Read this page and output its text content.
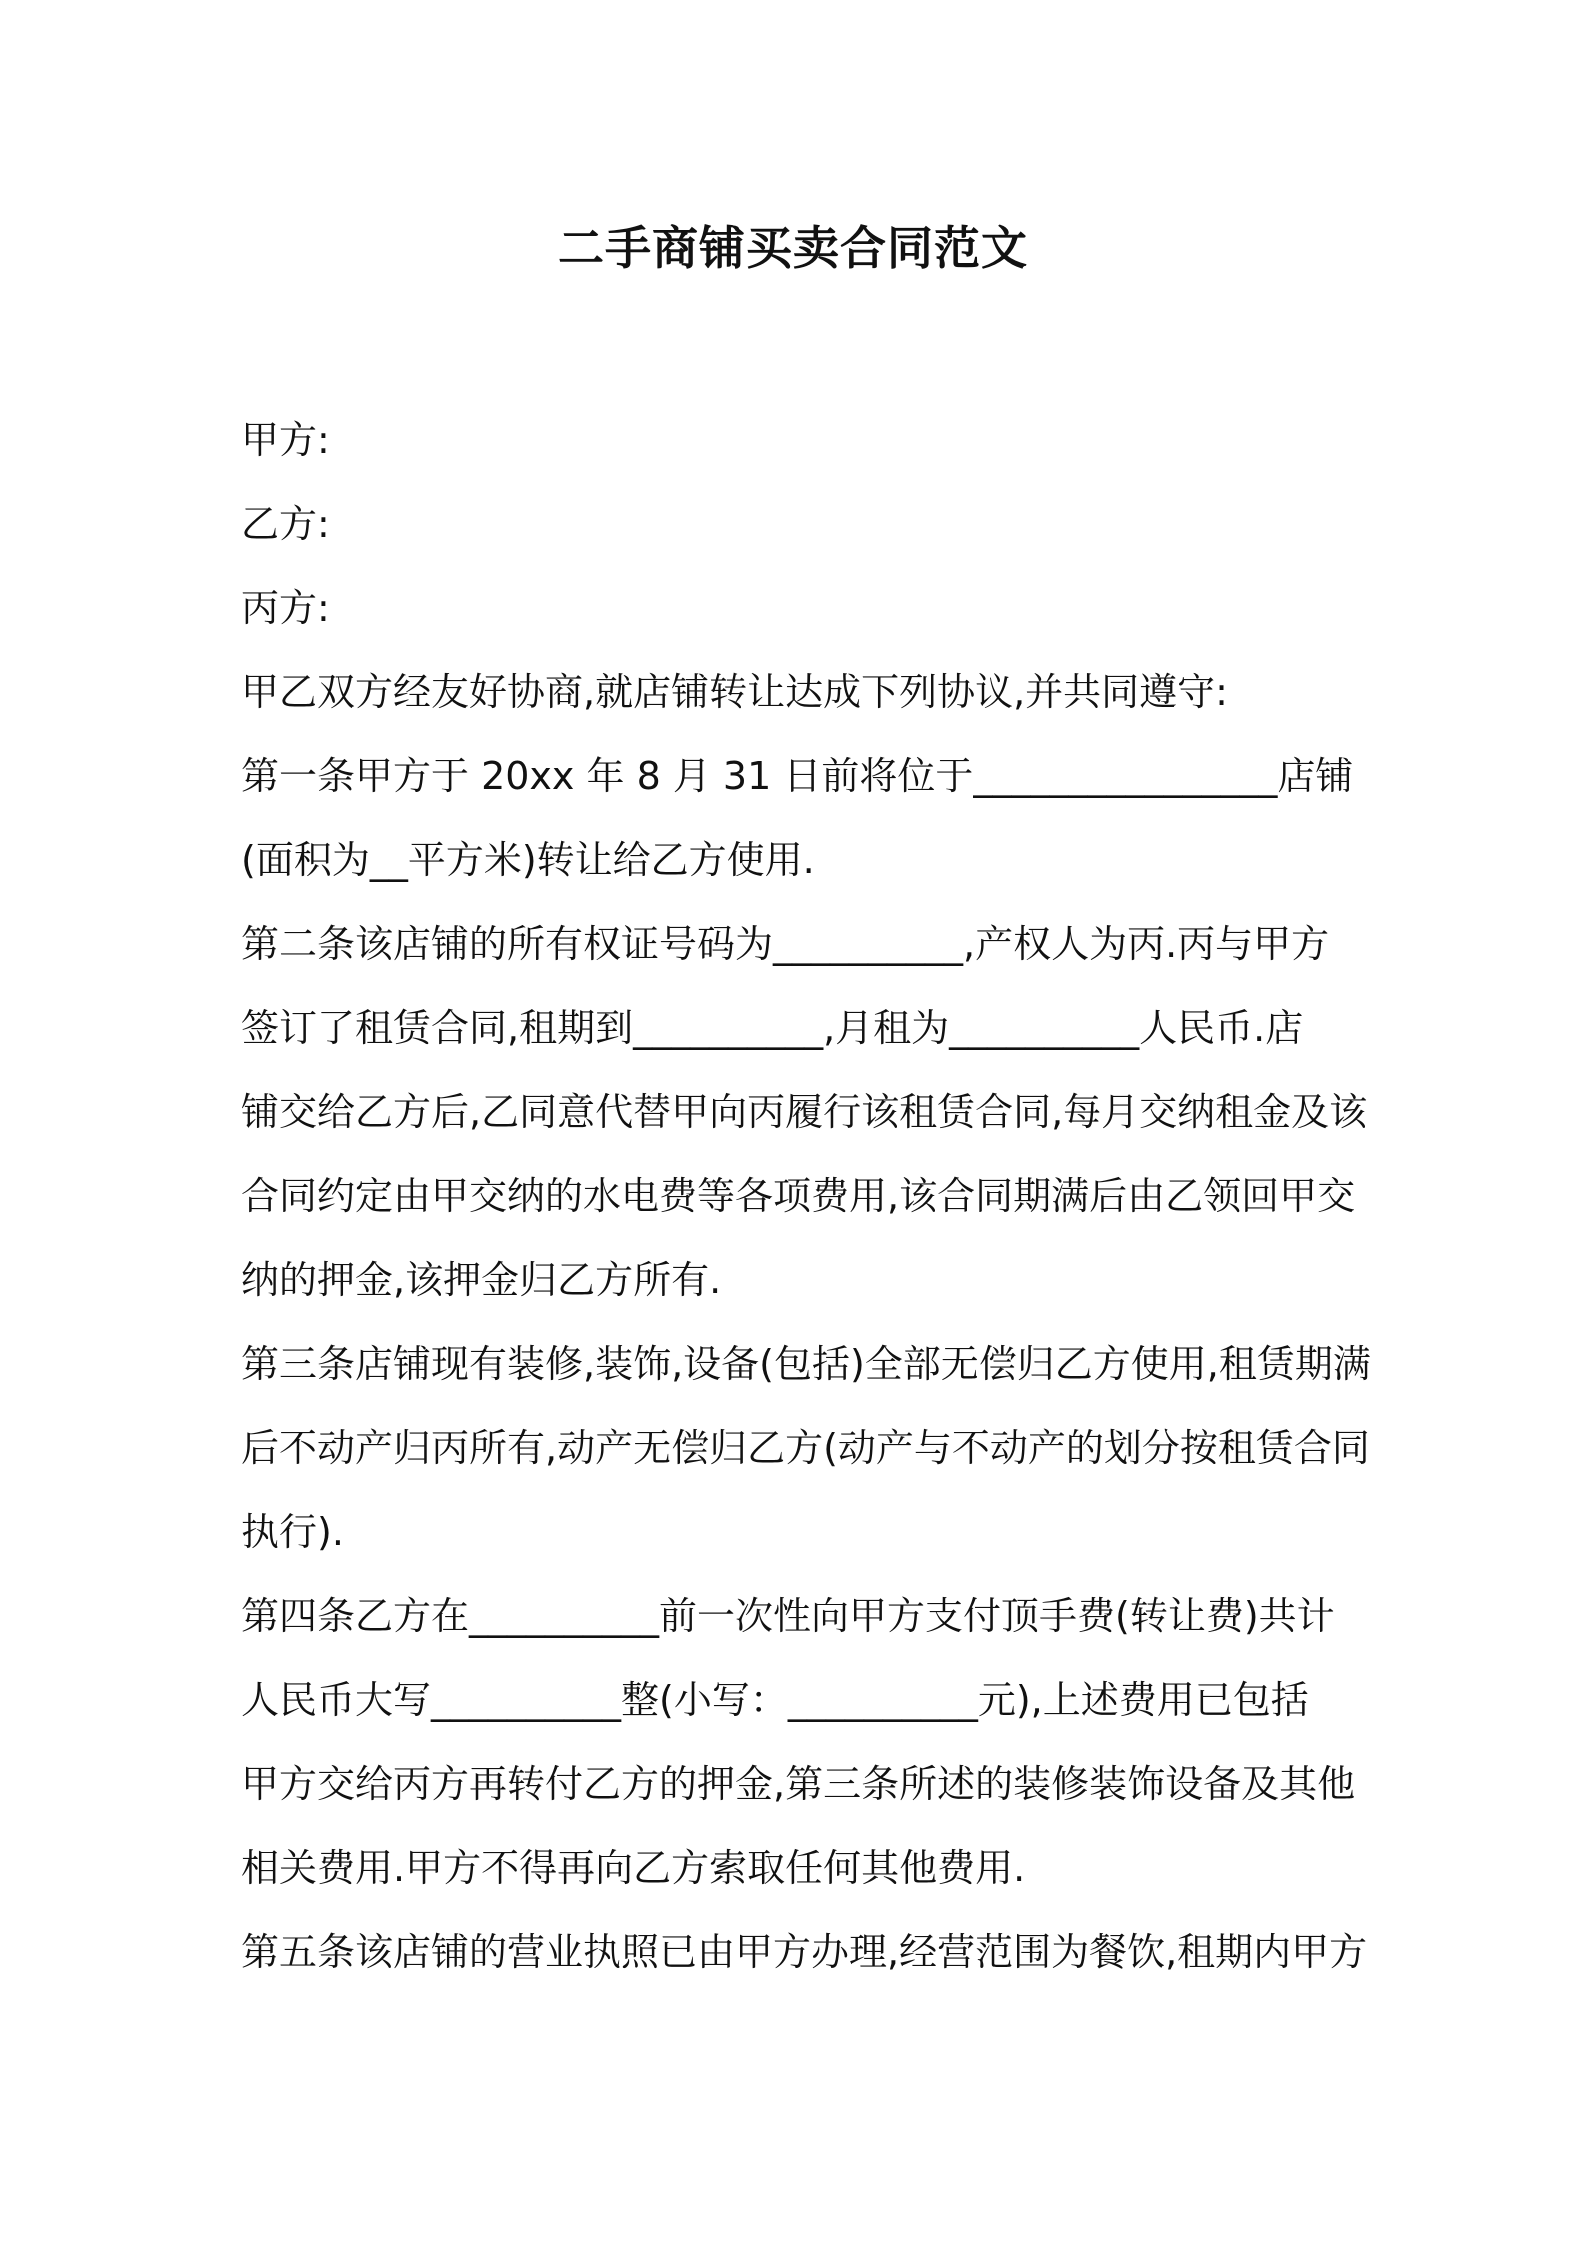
二手商铺买卖合同范文
甲方:
乙方:
丙方:
甲乙双方经友好协商,就店铺转让达成下列协议,并共同遵守:
第一条甲方于 20xx 年 8 月 31 日前将位于________________店铺
(面积为__平方米)转让给乙方使用.
第二条该店铺的所有权证号码为__________,产权人为丙.丙与甲方
签订了租赁合同,租期到__________,月租为__________人民币.店
铺交给乙方后,乙同意代替甲向丙履行该租赁合同,每月交纳租金及该
合同约定由甲交纳的水电费等各项费用,该合同期满后由乙领回甲交
纳的押金,该押金归乙方所有.
第三条店铺现有装修,装饰,设备(包括)全部无偿归乙方使用,租赁期满
后不动产归丙所有,动产无偿归乙方(动产与不动产的划分按租赁合同
执行).
第四条乙方在__________前一次性向甲方支付顶手费(转让费)共计
人民币大写__________整(小写：__________元),上述费用已包括
甲方交给丙方再转付乙方的押金,第三条所述的装修装饰设备及其他
相关费用.甲方不得再向乙方索取任何其他费用.
第五条该店铺的营业执照已由甲方办理,经营范围为餐饮,租期内甲方
